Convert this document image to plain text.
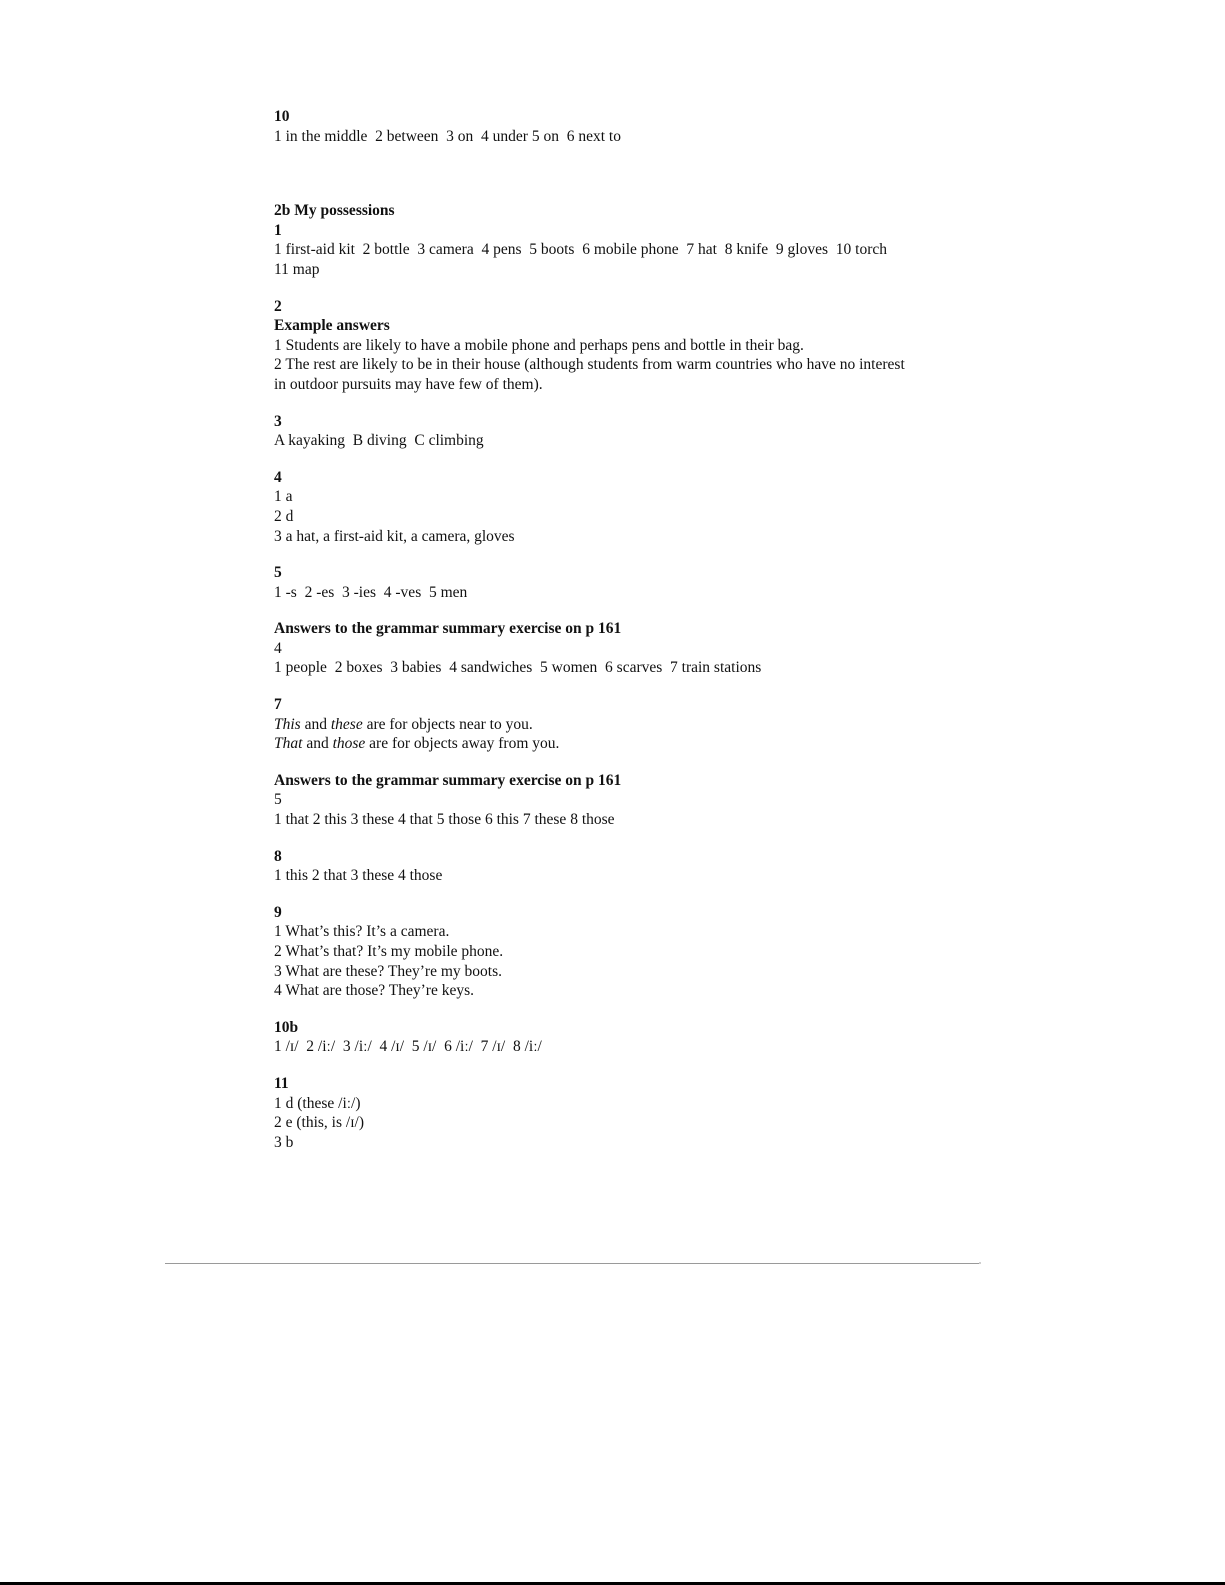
10
1 in the middle  2 between  3 on  4 under 5 on  6 next to
2b My possessions
1
1 first-aid kit  2 bottle  3 camera  4 pens  5 boots  6 mobile phone  7 hat  8 knife  9 gloves  10 torch
11 map
2
Example answers
1 Students are likely to have a mobile phone and perhaps pens and bottle in their bag.
2 The rest are likely to be in their house (although students from warm countries who have no interest
in outdoor pursuits may have few of them).
3
A kayaking  B diving  C climbing
4
1 a
2 d
3 a hat, a first-aid kit, a camera, gloves
5
1 -s  2 -es  3 -ies  4 -ves  5 men
Answers to the grammar summary exercise on p 161
4
1 people  2 boxes  3 babies  4 sandwiches  5 women  6 scarves  7 train stations
7
This and these are for objects near to you.
That and those are for objects away from you.
Answers to the grammar summary exercise on p 161
5
1 that 2 this 3 these 4 that 5 those 6 this 7 these 8 those
8
1 this 2 that 3 these 4 those
9
1 What’s this? It’s a camera.
2 What’s that? It’s my mobile phone.
3 What are these? They’re my boots.
4 What are those? They’re keys.
10b
1 /ɪ/  2 /iː/  3 /iː/  4 /ɪ/  5 /ɪ/  6 /iː/  7 /ɪ/  8 /iː/
11
1 d (these /iː/)
2 e (this, is /ɪ/)
3 b
